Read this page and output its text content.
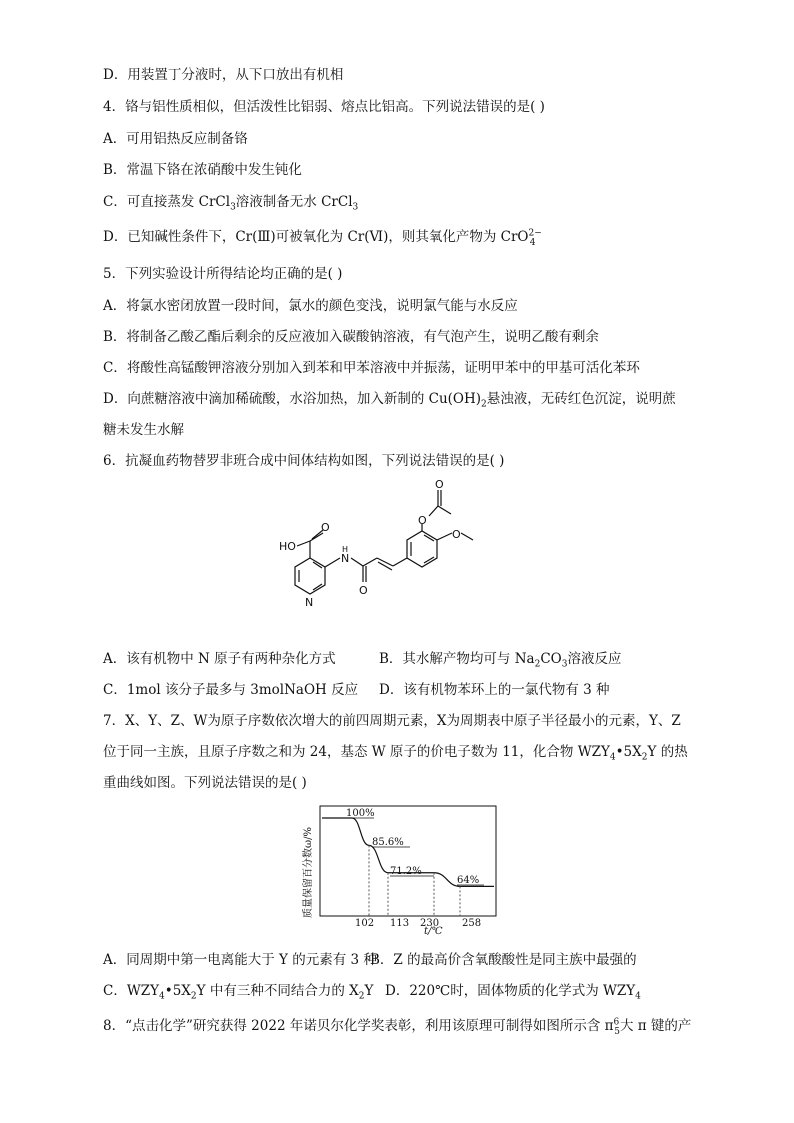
D．用装置丁分液时，从下口放出有机相
4．铬与铝性质相似，但活泼性比铝弱、熔点比铝高。下列说法错误的是( )
A．可用铝热反应制备铬
B．常温下铬在浓硝酸中发生钝化
C．可直接蒸发 CrCl$_3$溶液制备无水 CrCl$_3$
D．已知碱性条件下，Cr(Ⅲ)可被氧化为 Cr(Ⅵ)，则其氧化产物为 CrO$^{2-}_4$
5．下列实验设计所得结论均正确的是( )
A．将氯水密闭放置一段时间，氯水的颜色变浅，说明氯气能与水反应
B．将制备乙酸乙酯后剩余的反应液加入碳酸钠溶液，有气泡产生，说明乙酸有剩余
C．将酸性高锰酸钾溶液分别加入到苯和甲苯溶液中并振荡，证明甲苯中的甲基可活化苯环
D．向蔗糖溶液中滴加稀硫酸，水浴加热，加入新制的 $Cu(OH)_2$悬浊液，无砖红色沉淀，说明蔗
糖未发生水解
6．抗凝血药物替罗非班合成中间体结构如图，下列说法错误的是( )
HO
O
N
N
H
O
O
O
O
A．该有机物中 N 原子有两种杂化方式	B．其水解产物均可与 $Na_2CO_3$溶液反应
C．1mol 该分子最多与 3molNaOH 反应 D．该有机物苯环上的一氯代物有 3 种
7．X、Y、Z、W为原子序数依次增大的前四周期元素，X为周期表中原子半径最小的元素，Y、Z
位于同一主族，且原子序数之和为 24，基态 W 原子的价电子数为 11，化合物 $WZY_4•5X_2Y$ 的热
重曲线如图。下列说法错误的是( )
质量保留百分数ω/%
102 113 230 258
100%
85.6%
71.2%
64%
t/℃
A．同周期中第一电离能大于 Y 的元素有 3 种
B．Z 的最高价含氧酸酸性是同主族中最强的
C．$WZY_4•5X_2Y$ 中有三种不同结合力的 $X_2Y$ D．220℃时，固体物质的化学式为 $WZY_4$
8．“点击化学”研究获得 2022 年诺贝尔化学奖表彰，利用该原理可制得如图所示含 $\pi^6_5$大 π 键的产
